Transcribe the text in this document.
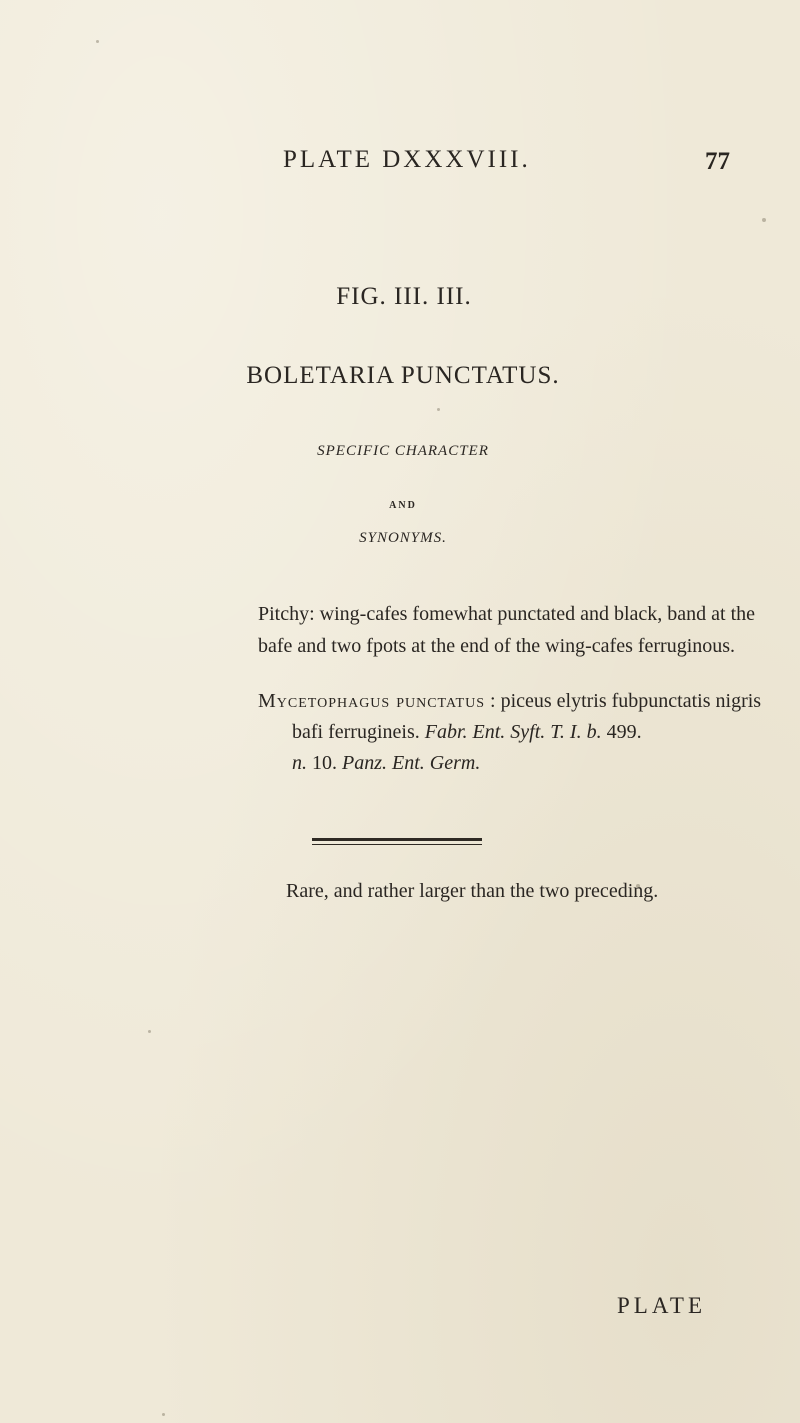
PLATE DXXXVIII.	77
FIG. III. III.
BOLETARIA PUNCTATUS.
SPECIFIC CHARACTER
AND
SYNONYMS.
Pitchy: wing-cafes fomewhat punctated and black, band at the
bafe and two fpots at the end of the wing-cafes ferruginous.
Mycetophagus punctatus : piceus elytris fubpunctatis nigris
bafi ferrugineis. Fabr. Ent. Syft. T. I. b. 499.
n. 10. Panz. Ent. Germ.
Rare, and rather larger than the two preceding.
PLATE
